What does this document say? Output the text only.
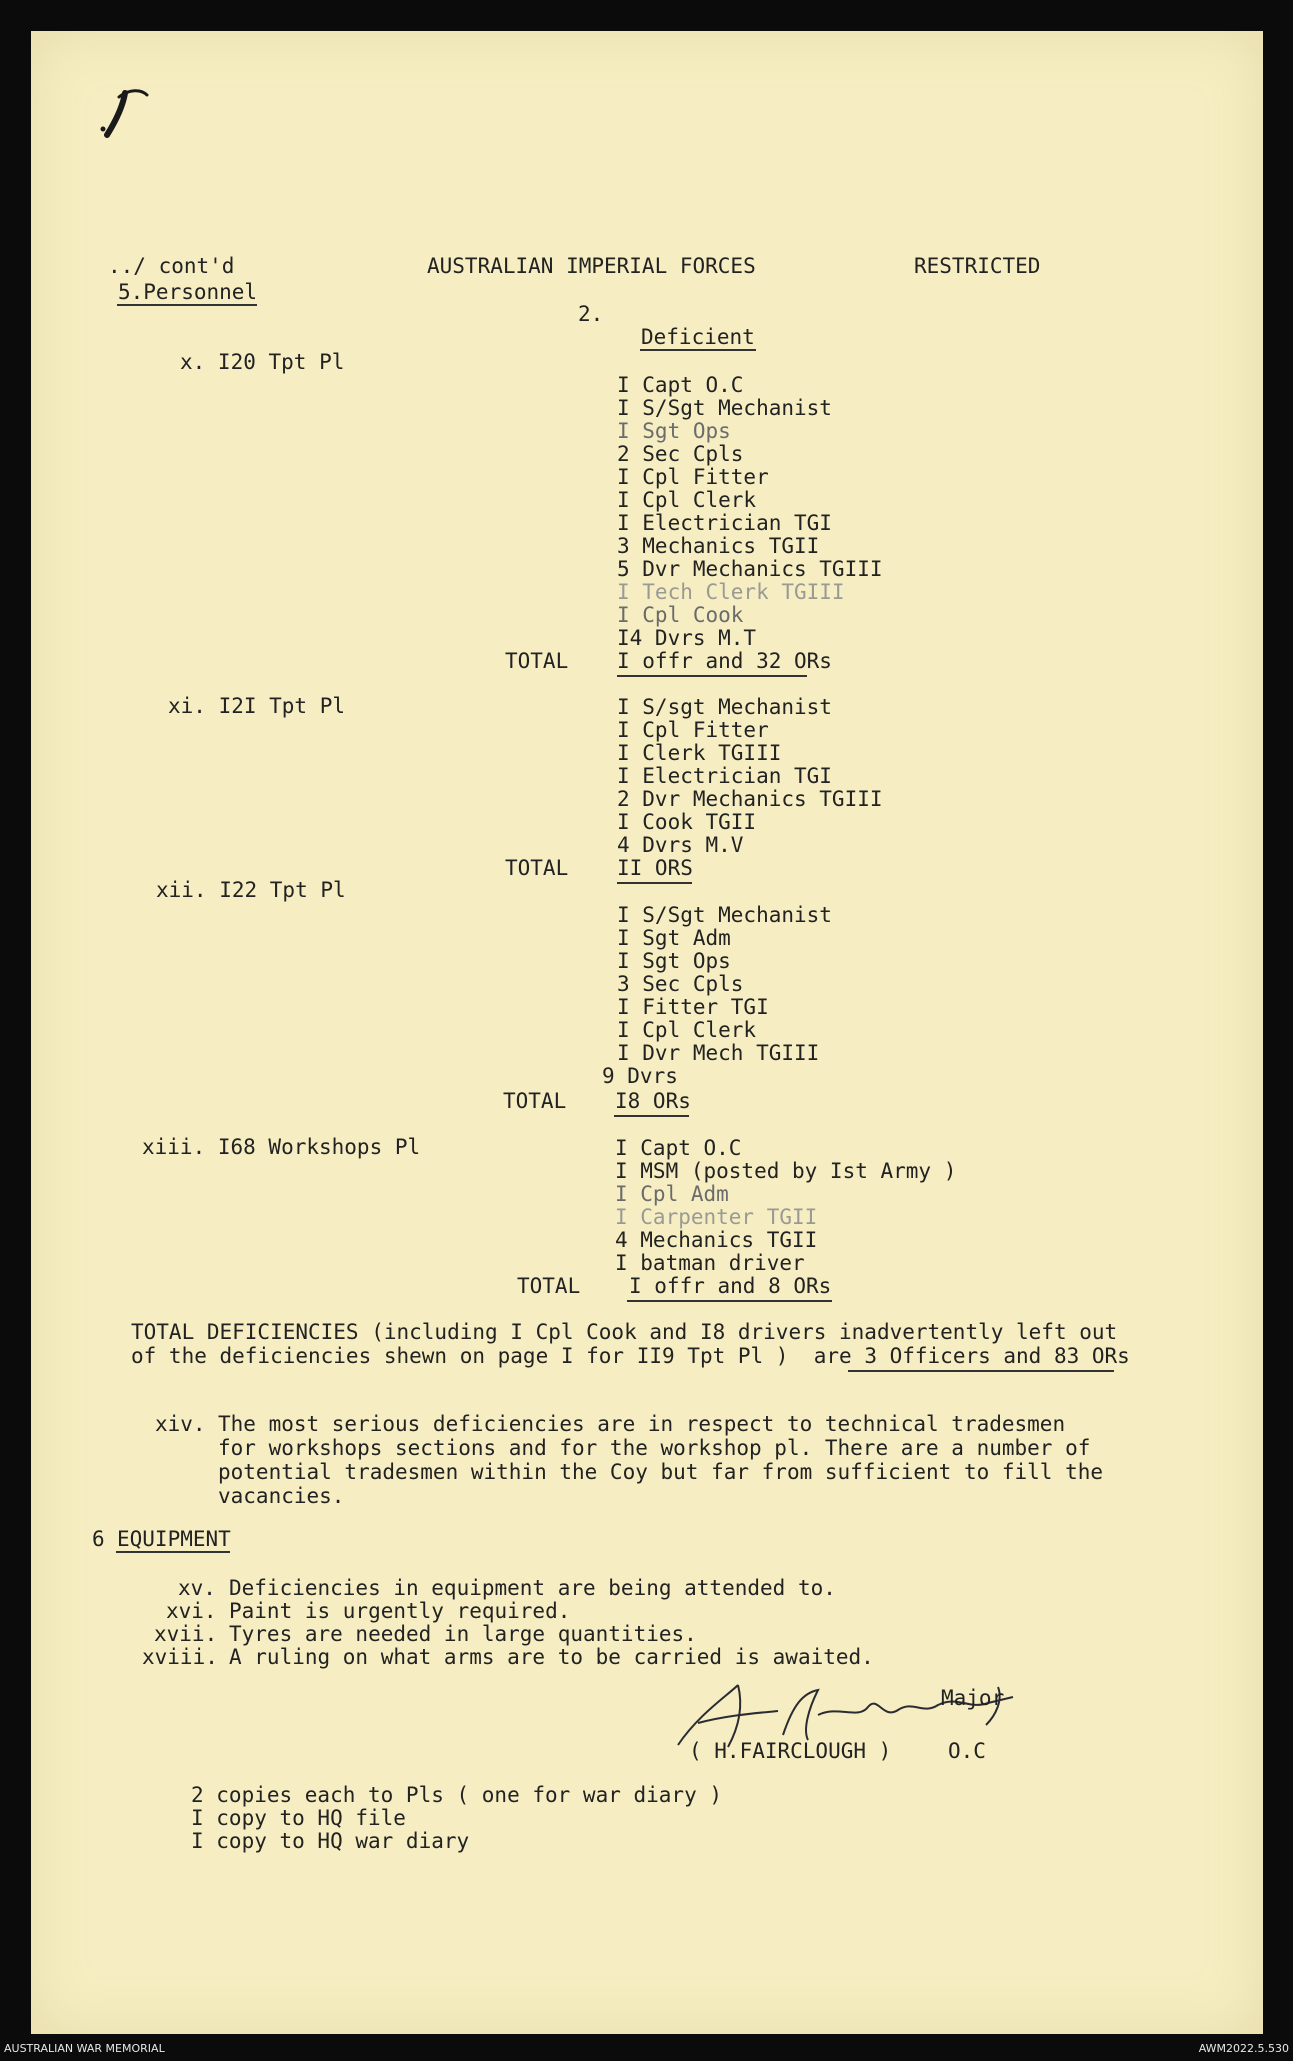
../ cont'd
5.Personnel
AUSTRALIAN IMPERIAL FORCES	RESTRICTED
2.
Deficient
x. I20 Tpt Pl
I Capt O.C
I S/Sgt Mechanist
I Sgt Ops
2 Sec Cpls
I Cpl Fitter
I Cpl Clerk
I Electrician TGI
3 Mechanics TGII
5 Dvr Mechanics TGIII
I Tech Clerk TGIII
I Cpl Cook
I4 Dvrs M.T
TOTAL I offr and 32 ORs
xi. I2I Tpt Pl	I S/sgt Mechanist
I Cpl Fitter
I Clerk TGIII
I Electrician TGI
2 Dvr Mechanics TGIII
I Cook TGII
4 Dvrs M.V
TOTAL II ORS
xii. I22 Tpt Pl
I S/Sgt Mechanist
I Sgt Adm
I Sgt Ops
3 Sec Cpls
I Fitter TGI
I Cpl Clerk
I Dvr Mech TGIII
9 Dvrs
TOTAL I8 ORs
xiii. I68 Workshops Pl	I Capt O.C
I MSM (posted by Ist Army )
I Cpl Adm
I Carpenter TGII
4 Mechanics TGII
I batman driver
TOTAL I offr and 8 ORs
TOTAL DEFICIENCIES (including I Cpl Cook and I8 drivers inadvertently left out
of the deficiencies shewn on page I for II9 Tpt Pl )  are 3 Officers and 83 ORs
xiv. The most serious deficiencies are in respect to technical tradesmen
for workshops sections and for the workshop pl. There are a number of
potential tradesmen within the Coy but far from sufficient to fill the
vacancies.
6 EQUIPMENT
xv. Deficiencies in equipment are being attended to.
xvi. Paint is urgently required.
xvii. Tyres are needed in large quantities.
xviii. A ruling on what arms are to be carried is awaited.
Major
( H.FAIRCLOUGH )	O.C
2 copies each to Pls ( one for war diary )
I copy to HQ file
I copy to HQ war diary
AUSTRALIAN WAR MEMORIAL	AWM2022.5.530
